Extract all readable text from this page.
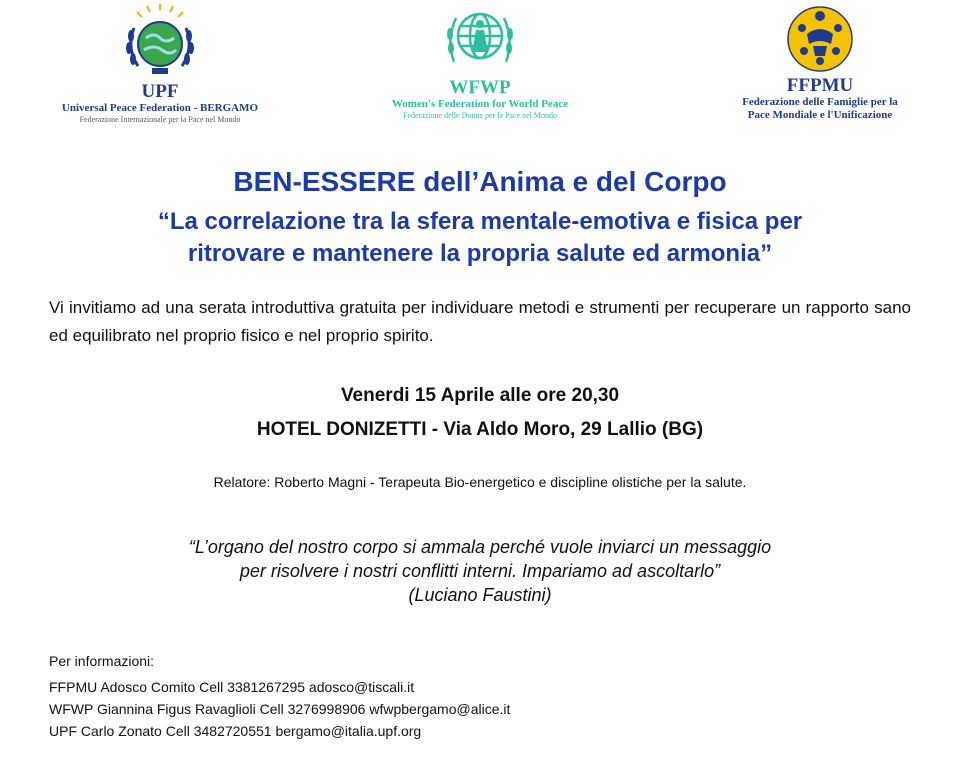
UPF
Universal Peace Federation - BERGAMO
Federazione Internazionale per la Pace nel Mondo
WFWP
Women's Federation for World Peace
Federazione delle Donne per la Pace nel Mondo
FFPMU
Federazione delle Famiglie per la
Pace Mondiale e l'Unificazione
BEN-ESSERE dell’Anima e del Corpo
“La correlazione tra la sfera mentale-emotiva e fisica per
ritrovare e mantenere la propria salute ed armonia”
Vi invitiamo ad una serata introduttiva gratuita per individuare metodi e strumenti per recuperare un rapporto sano ed equilibrato nel proprio fisico e nel proprio spirito.
Venerdi 15 Aprile alle ore 20,30
HOTEL DONIZETTI - Via Aldo Moro, 29 Lallio (BG)
Relatore: Roberto Magni - Terapeuta Bio-energetico e discipline olistiche per la salute.
“L’organo del nostro corpo si ammala perché vuole inviarci un messaggio
per risolvere i nostri conflitti interni. Impariamo ad ascoltarlo”
(Luciano Faustini)
Per informazioni:
FFPMU Adosco Comito Cell 3381267295 adosco@tiscali.it
WFWP Giannina Figus Ravaglioli Cell 3276998906 wfwpbergamo@alice.it
UPF Carlo Zonato Cell 3482720551 bergamo@italia.upf.org
